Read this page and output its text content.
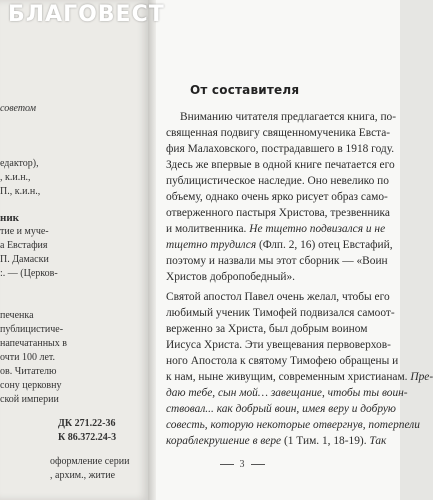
советом
едактор),
, к.и.н.,
П., к.и.н.,
ник
тие и муче-
а Евстафия
П. Дамаски
:. — (Церков-
печенка
публицистиче-
напечатанных в
очти 100 лет.
ов. Читателю
сону церковну
ской империи
ДК 271.22-36
К 86.372.24-3
оформление серии
, архим., житие
БЛАГОВЕСТ
От составителя
Вниманию читателя предлагается книга, по-
священная подвигу священномученика Евста-
фия Малаховского, пострадавшего в 1918 году.
Здесь же впервые в одной книге печатается его
публицистическое наследие. Оно невелико по
объему, однако очень ярко рисует образ само-
отверженного пастыря Христова, трезвенника
и молитвенника. Не тщетно подвизался и не
тщетно трудился (Флп. 2, 16) отец Евстафий,
поэтому и назвали мы этот сборник — «Воин
Христов добропобедный».
Святой апостол Павел очень желал, чтобы его
любимый ученик Тимофей подвизался самоот-
верженно за Христа, был добрым воином
Иисуса Христа. Эти увещевания первоверхов-
ного Апостола к святому Тимофею обращены и
к нам, ныне живущим, современным христианам. Пре-
даю тебе, сын мой… завещание, чтобы ты воин-
ствовал... как добрый воин, имея веру и добрую
совесть, которую некоторые отвергнув, потерпели
кораблекрушение в вере (1 Тим. 1, 18-19). Так
3
